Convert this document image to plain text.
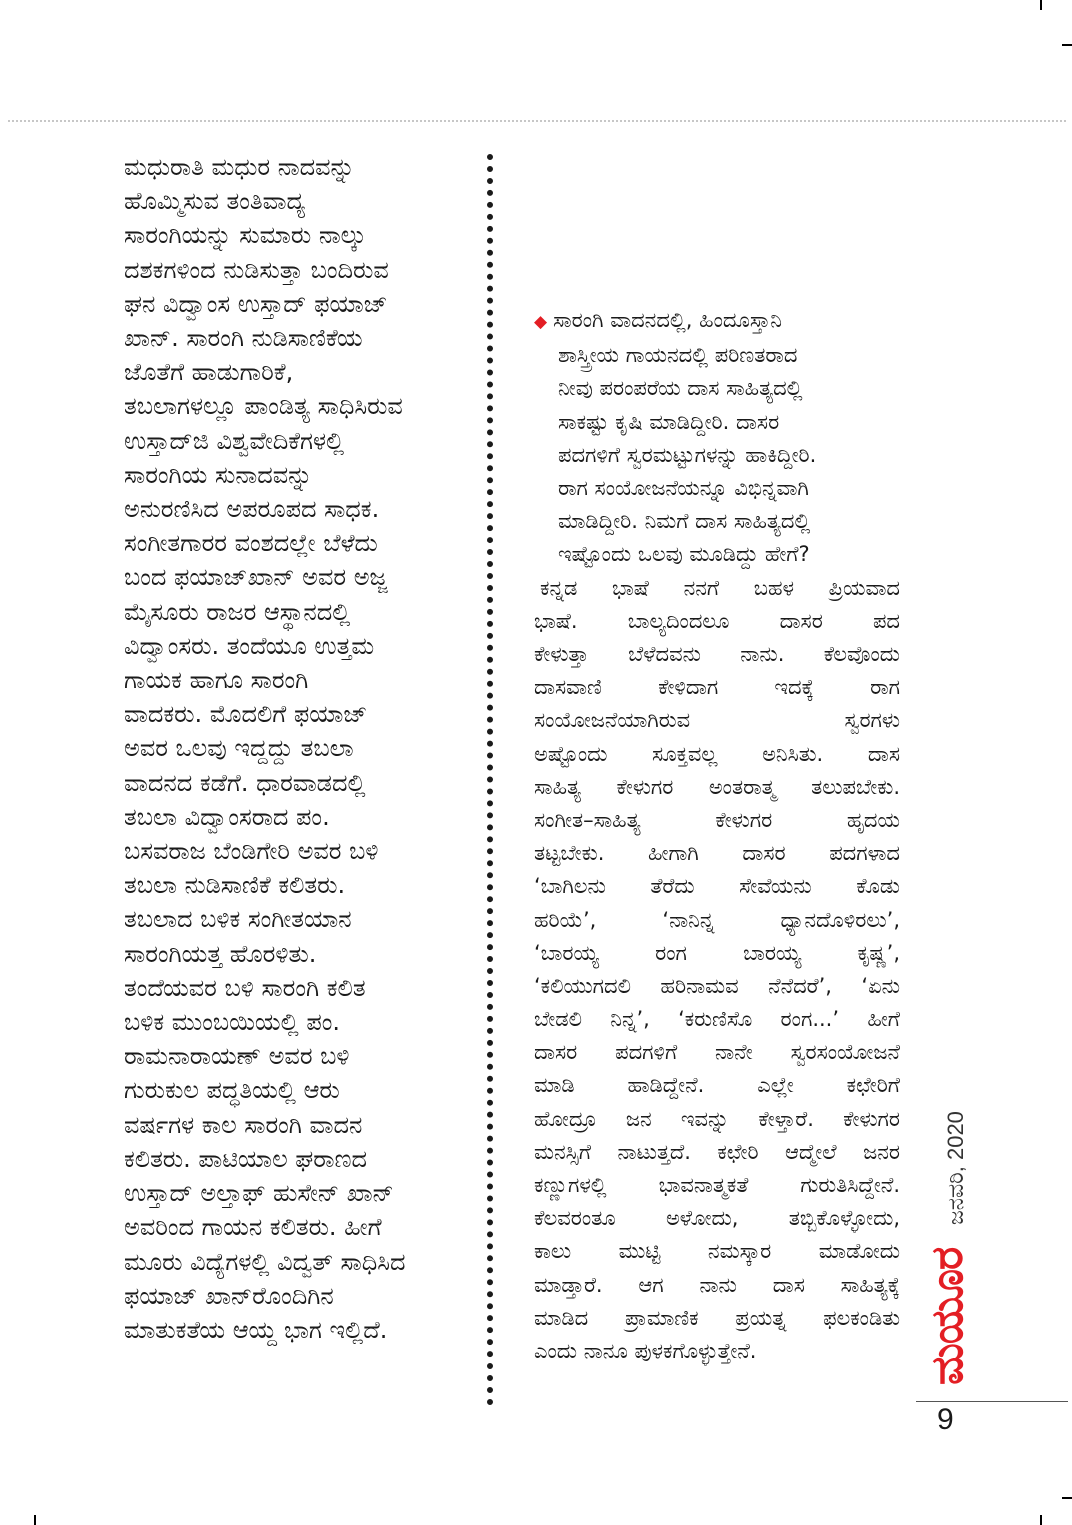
ಮಧುರಾತಿ ಮಧುರ ನಾದವನ್ನು

ಹೊಮ್ಮಿಸುವ ತಂತಿವಾದ್ಯ

ಸಾರಂಗಿಯನ್ನು ಸುಮಾರು ನಾಲ್ಕು

ದಶಕಗಳಿಂದ ನುಡಿಸುತ್ತಾ ಬಂದಿರುವ

ಘನ ವಿದ್ವಾಂಸ ಉಸ್ತಾದ್ ಫಯಾಜ್

ಖಾನ್. ಸಾರಂಗಿ ನುಡಿಸಾಣಿಕೆಯ

ಜೊತೆಗೆ ಹಾಡುಗಾರಿಕೆ,

ತಬಲಾಗಳಲ್ಲೂ ಪಾಂಡಿತ್ಯ ಸಾಧಿಸಿರುವ

ಉಸ್ತಾದ್‌ಜಿ ವಿಶ್ವವೇದಿಕೆಗಳಲ್ಲಿ

ಸಾರಂಗಿಯ ಸುನಾದವನ್ನು

ಅನುರಣಿಸಿದ ಅಪರೂಪದ ಸಾಧಕ.

ಸಂಗೀತಗಾರರ ವಂಶದಲ್ಲೇ ಬೆಳೆದು

ಬಂದ ಫಯಾಜ್‌ಖಾನ್ ಅವರ ಅಜ್ಜ

ಮೈಸೂರು ರಾಜರ ಆಸ್ಥಾನದಲ್ಲಿ

ವಿದ್ವಾಂಸರು. ತಂದೆಯೂ ಉತ್ತಮ

ಗಾಯಕ ಹಾಗೂ ಸಾರಂಗಿ

ವಾದಕರು. ಮೊದಲಿಗೆ ಫಯಾಜ್

ಅವರ ಒಲವು ಇದ್ದದ್ದು ತಬಲಾ

ವಾದನದ ಕಡೆಗೆ. ಧಾರವಾಡದಲ್ಲಿ

ತಬಲಾ ವಿದ್ವಾಂಸರಾದ ಪಂ.

ಬಸವರಾಜ ಬೆಂಡಿಗೇರಿ ಅವರ ಬಳಿ

ತಬಲಾ ನುಡಿಸಾಣಿಕೆ ಕಲಿತರು.

ತಬಲಾದ ಬಳಿಕ ಸಂಗೀತಯಾನ

ಸಾರಂಗಿಯತ್ತ ಹೊರಳಿತು.

ತಂದೆಯವರ ಬಳಿ ಸಾರಂಗಿ ಕಲಿತ

ಬಳಿಕ ಮುಂಬಯಿಯಲ್ಲಿ ಪಂ.

ರಾಮನಾರಾಯಣ್ ಅವರ ಬಳಿ

ಗುರುಕುಲ ಪದ್ಧತಿಯಲ್ಲಿ ಆರು

ವರ್ಷಗಳ ಕಾಲ ಸಾರಂಗಿ ವಾದನ

ಕಲಿತರು. ಪಾಟಿಯಾಲ ಘರಾಣದ

ಉಸ್ತಾದ್ ಅಲ್ತಾಫ್ ಹುಸೇನ್ ಖಾನ್

ಅವರಿಂದ ಗಾಯನ ಕಲಿತರು. ಹೀಗೆ

ಮೂರು ವಿದ್ಯೆಗಳಲ್ಲಿ ವಿದ್ವತ್ ಸಾಧಿಸಿದ

ಫಯಾಜ್ ಖಾನ್‌ರೊಂದಿಗಿನ

ಮಾತುಕತೆಯ ಆಯ್ದ ಭಾಗ ಇಲ್ಲಿದೆ.

◆ ಸಾರಂಗಿ ವಾದನದಲ್ಲಿ, ಹಿಂದೂಸ್ತಾನಿ
ಶಾಸ್ತ್ರೀಯ ಗಾಯನದಲ್ಲಿ ಪರಿಣತರಾದ
ನೀವು ಪರಂಪರೆಯ ದಾಸ ಸಾಹಿತ್ಯದಲ್ಲಿ
ಸಾಕಷ್ಟು ಕೃಷಿ ಮಾಡಿದ್ದೀರಿ. ದಾಸರ
ಪದಗಳಿಗೆ ಸ್ವರಮಟ್ಟುಗಳನ್ನು ಹಾಕಿದ್ದೀರಿ.
ರಾಗ ಸಂಯೋಜನೆಯನ್ನೂ ವಿಭಿನ್ನವಾಗಿ
ಮಾಡಿದ್ದೀರಿ. ನಿಮಗೆ ದಾಸ ಸಾಹಿತ್ಯದಲ್ಲಿ
ಇಷ್ಟೊಂದು ಒಲವು ಮೂಡಿದ್ದು ಹೇಗೆ?
ಕನ್ನಡ ಭಾಷೆ ನನಗೆ ಬಹಳ ಪ್ರಿಯವಾದ
ಭಾಷೆ. ಬಾಲ್ಯದಿಂದಲೂ ದಾಸರ ಪದ
ಕೇಳುತ್ತಾ ಬೆಳೆದವನು ನಾನು. ಕೆಲವೊಂದು
ದಾಸವಾಣಿ ಕೇಳಿದಾಗ ಇದಕ್ಕೆ ರಾಗ
ಸಂಯೋಜನೆಯಾಗಿರುವ ಸ್ವರಗಳು
ಅಷ್ಟೊಂದು ಸೂಕ್ತವಲ್ಲ ಅನಿಸಿತು. ದಾಸ
ಸಾಹಿತ್ಯ ಕೇಳುಗರ ಅಂತರಾತ್ಮ ತಲುಪಬೇಕು.
ಸಂಗೀತ–ಸಾಹಿತ್ಯ ಕೇಳುಗರ ಹೃದಯ
ತಟ್ಟಬೇಕು. ಹೀಗಾಗಿ ದಾಸರ ಪದಗಳಾದ
‘ಬಾಗಿಲನು ತೆರೆದು ಸೇವೆಯನು ಕೊಡು
ಹರಿಯೆ’, ‘ನಾನಿನ್ನ ಧ್ಯಾನದೊಳಿರಲು’,
‘ಬಾರಯ್ಯ ರಂಗ ಬಾರಯ್ಯ ಕೃಷ್ಣ’,
‘ಕಲಿಯುಗದಲಿ ಹರಿನಾಮವ ನೆನೆದರೆ’, ‘ಏನು
ಬೇಡಲಿ ನಿನ್ನ’, ‘ಕರುಣಿಸೊ ರಂಗ...’ ಹೀಗೆ
ದಾಸರ ಪದಗಳಿಗೆ ನಾನೇ ಸ್ವರಸಂಯೋಜನೆ
ಮಾಡಿ ಹಾಡಿದ್ದೇನೆ. ಎಲ್ಲೇ ಕಛೇರಿಗೆ
ಹೋದ್ರೂ ಜನ ಇವನ್ನು ಕೇಳ್ತಾರೆ. ಕೇಳುಗರ
ಮನಸ್ಸಿಗೆ ನಾಟುತ್ತದೆ. ಕಛೇರಿ ಆದ್ಮೇಲೆ ಜನರ
ಕಣ್ಣುಗಳಲ್ಲಿ ಭಾವನಾತ್ಮಕತೆ ಗುರುತಿಸಿದ್ದೇನೆ.
ಕೆಲವರಂತೂ ಅಳೋದು, ತಬ್ಬಿಕೊಳ್ಳೋದು,
ಕಾಲು ಮುಟ್ಟಿ ನಮಸ್ಕಾರ ಮಾಡೋದು
ಮಾಡ್ತಾರೆ. ಆಗ ನಾನು ದಾಸ ಸಾಹಿತ್ಯಕ್ಕೆ
ಮಾಡಿದ ಪ್ರಾಮಾಣಿಕ ಪ್ರಯತ್ನ ಫಲಕಂಡಿತು
ಎಂದು ನಾನೂ ಪುಳಕಗೊಳ್ಳುತ್ತೇನೆ.
ಜನವರಿ, 2020
ಮಯೂರ
9
